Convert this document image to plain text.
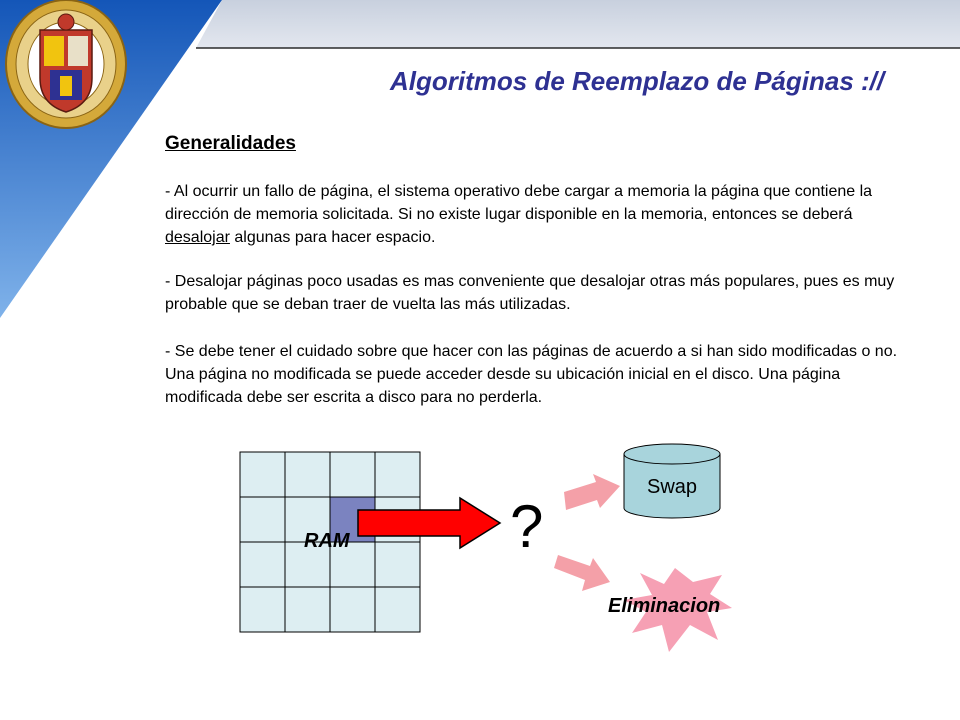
Algoritmos de Reemplazo de Páginas ://
Generalidades

- Al ocurrir un fallo de página, el sistema operativo debe cargar a memoria la página que contiene la dirección de memoria solicitada. Si no existe lugar disponible en la memoria, entonces se deberá desalojar algunas para hacer espacio.

- Desalojar páginas poco usadas es mas conveniente que desalojar otras más populares, pues es muy probable que se deban traer de vuelta las más utilizadas.

- Se debe tener el cuidado sobre que hacer con las páginas de acuerdo a si han sido modificadas o no. Una página no modificada se puede acceder desde su ubicación inicial en el disco. Una página modificada debe ser escrita a disco para no perderla.

RAM	?
Swap
Eliminacion
